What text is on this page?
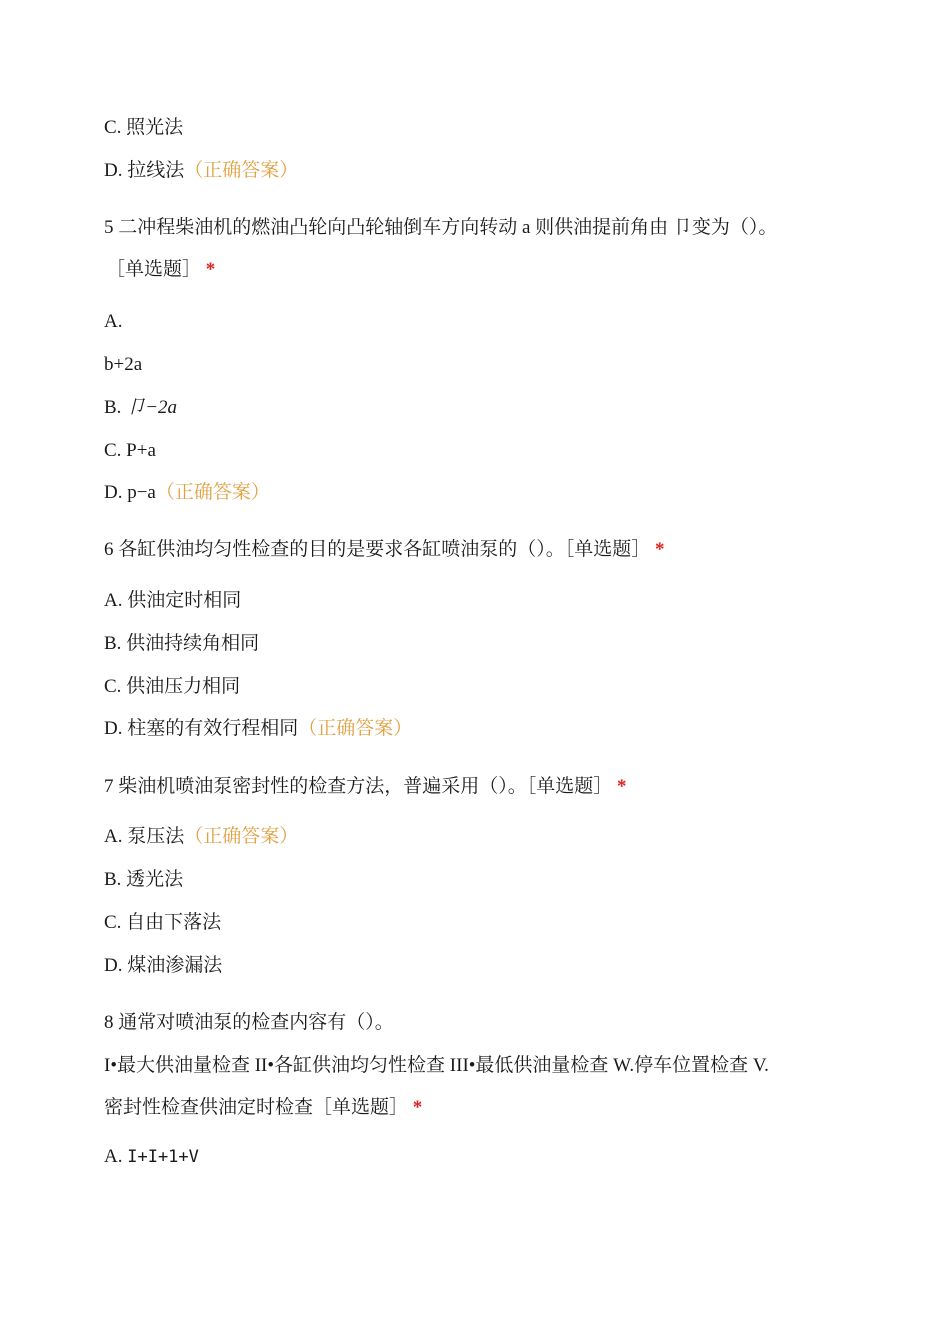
C. 照光法
D. 拉线法（正确答案）
5 二冲程柴油机的燃油凸轮向凸轮轴倒车方向转动 a 则供油提前角由 卩变为（）。
［单选题］ *
A.
b+2a
B. 卩−2a
C. P+a
D. p−a（正确答案）
6 各缸供油均匀性检查的目的是要求各缸喷油泵的（）。［单选题］ *
A. 供油定时相同
B. 供油持续角相同
C. 供油压力相同
D. 柱塞的有效行程相同（正确答案）
7 柴油机喷油泵密封性的检查方法，普遍采用（）。［单选题］ *
A. 泵压法（正确答案）
B. 透光法
C. 自由下落法
D. 煤油渗漏法
8 通常对喷油泵的检查内容有（）。
I•最大供油量检查 II•各缸供油均匀性检查 III•最低供油量检查 W.停车位置检查 V.
密封性检查供油定时检查［单选题］ *
A. I+I+1+V
